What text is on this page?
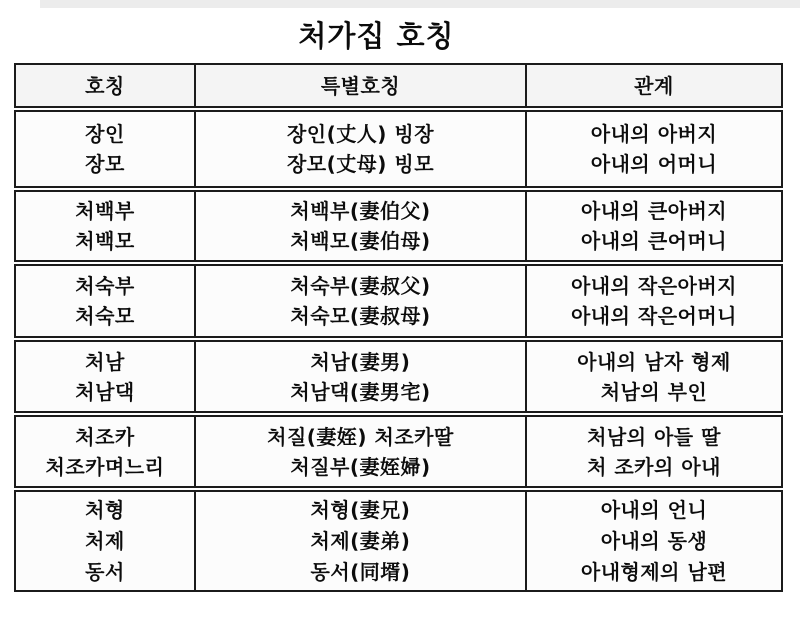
처가집 호칭
호칭	특별호칭	관계
장인
장모
장인(丈人) 빙장
장모(丈母) 빙모
아내의 아버지
아내의 어머니
처백부
처백모
처백부(妻伯父)
처백모(妻伯母)
아내의 큰아버지
아내의 큰어머니
처숙부
처숙모
처숙부(妻叔父)
처숙모(妻叔母)
아내의 작은아버지
아내의 작은어머니
처남
처남댁
처남(妻男)
처남댁(妻男宅)
아내의 남자 형제
처남의 부인
처조카
처조카며느리
처질(妻姪) 처조카딸
처질부(妻姪婦)
처남의 아들 딸
처 조카의 아내
처형
처제
동서
처형(妻兄)
처제(妻弟)
동서(同壻)
아내의 언니
아내의 동생
아내형제의 남편
